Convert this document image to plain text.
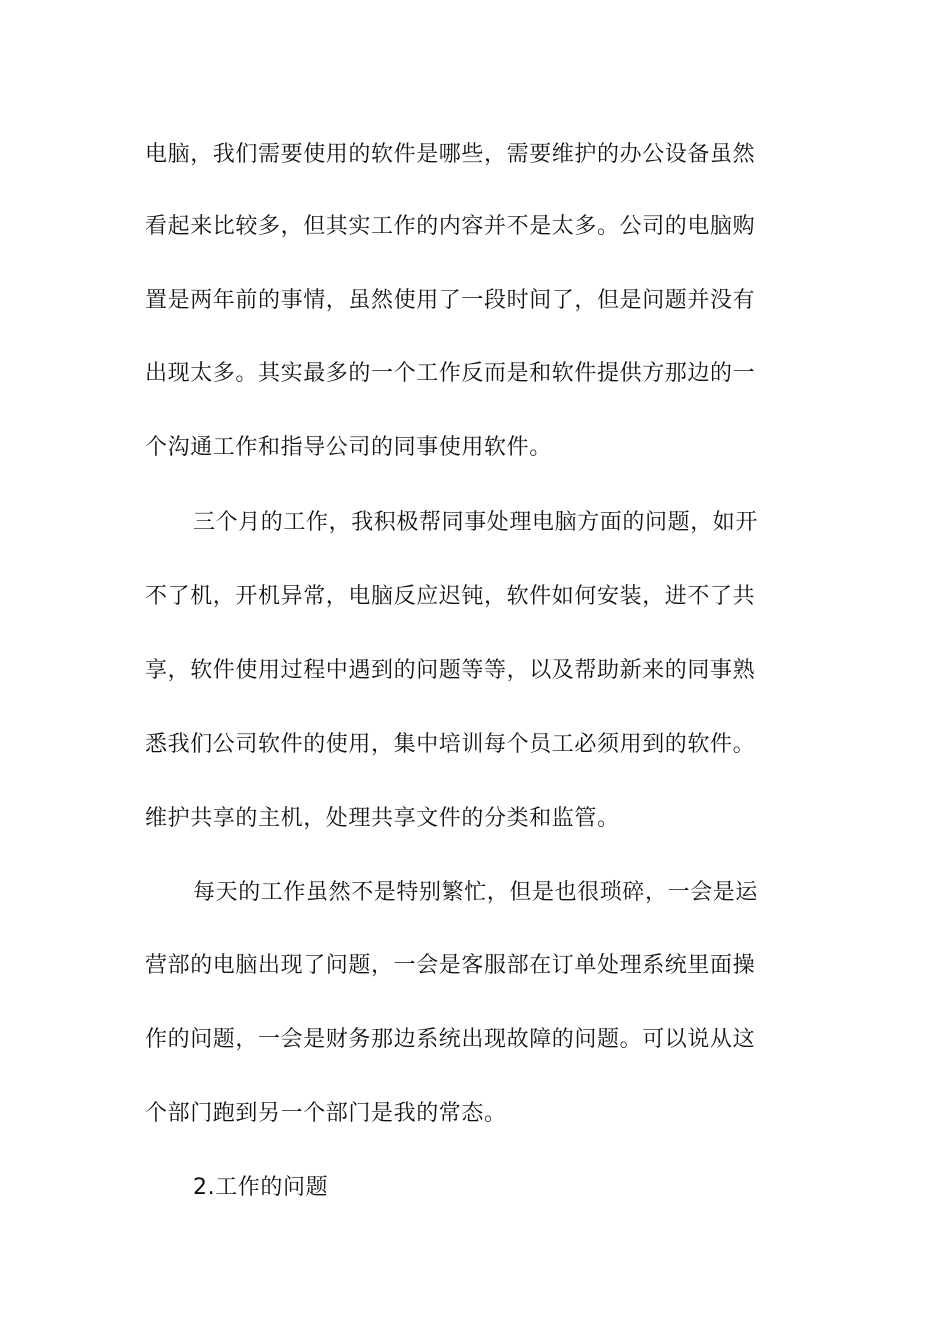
电脑，我们需要使用的软件是哪些，需要维护的办公设备虽然
看起来比较多，但其实工作的内容并不是太多。公司的电脑购
置是两年前的事情，虽然使用了一段时间了，但是问题并没有
出现太多。其实最多的一个工作反而是和软件提供方那边的一
个沟通工作和指导公司的同事使用软件。
三个月的工作，我积极帮同事处理电脑方面的问题，如开
不了机，开机异常，电脑反应迟钝，软件如何安装，进不了共
享，软件使用过程中遇到的问题等等，以及帮助新来的同事熟
悉我们公司软件的使用，集中培训每个员工必须用到的软件。
维护共享的主机，处理共享文件的分类和监管。
每天的工作虽然不是特别繁忙，但是也很琐碎，一会是运
营部的电脑出现了问题，一会是客服部在订单处理系统里面操
作的问题，一会是财务那边系统出现故障的问题。可以说从这
个部门跑到另一个部门是我的常态。
2.工作的问题
